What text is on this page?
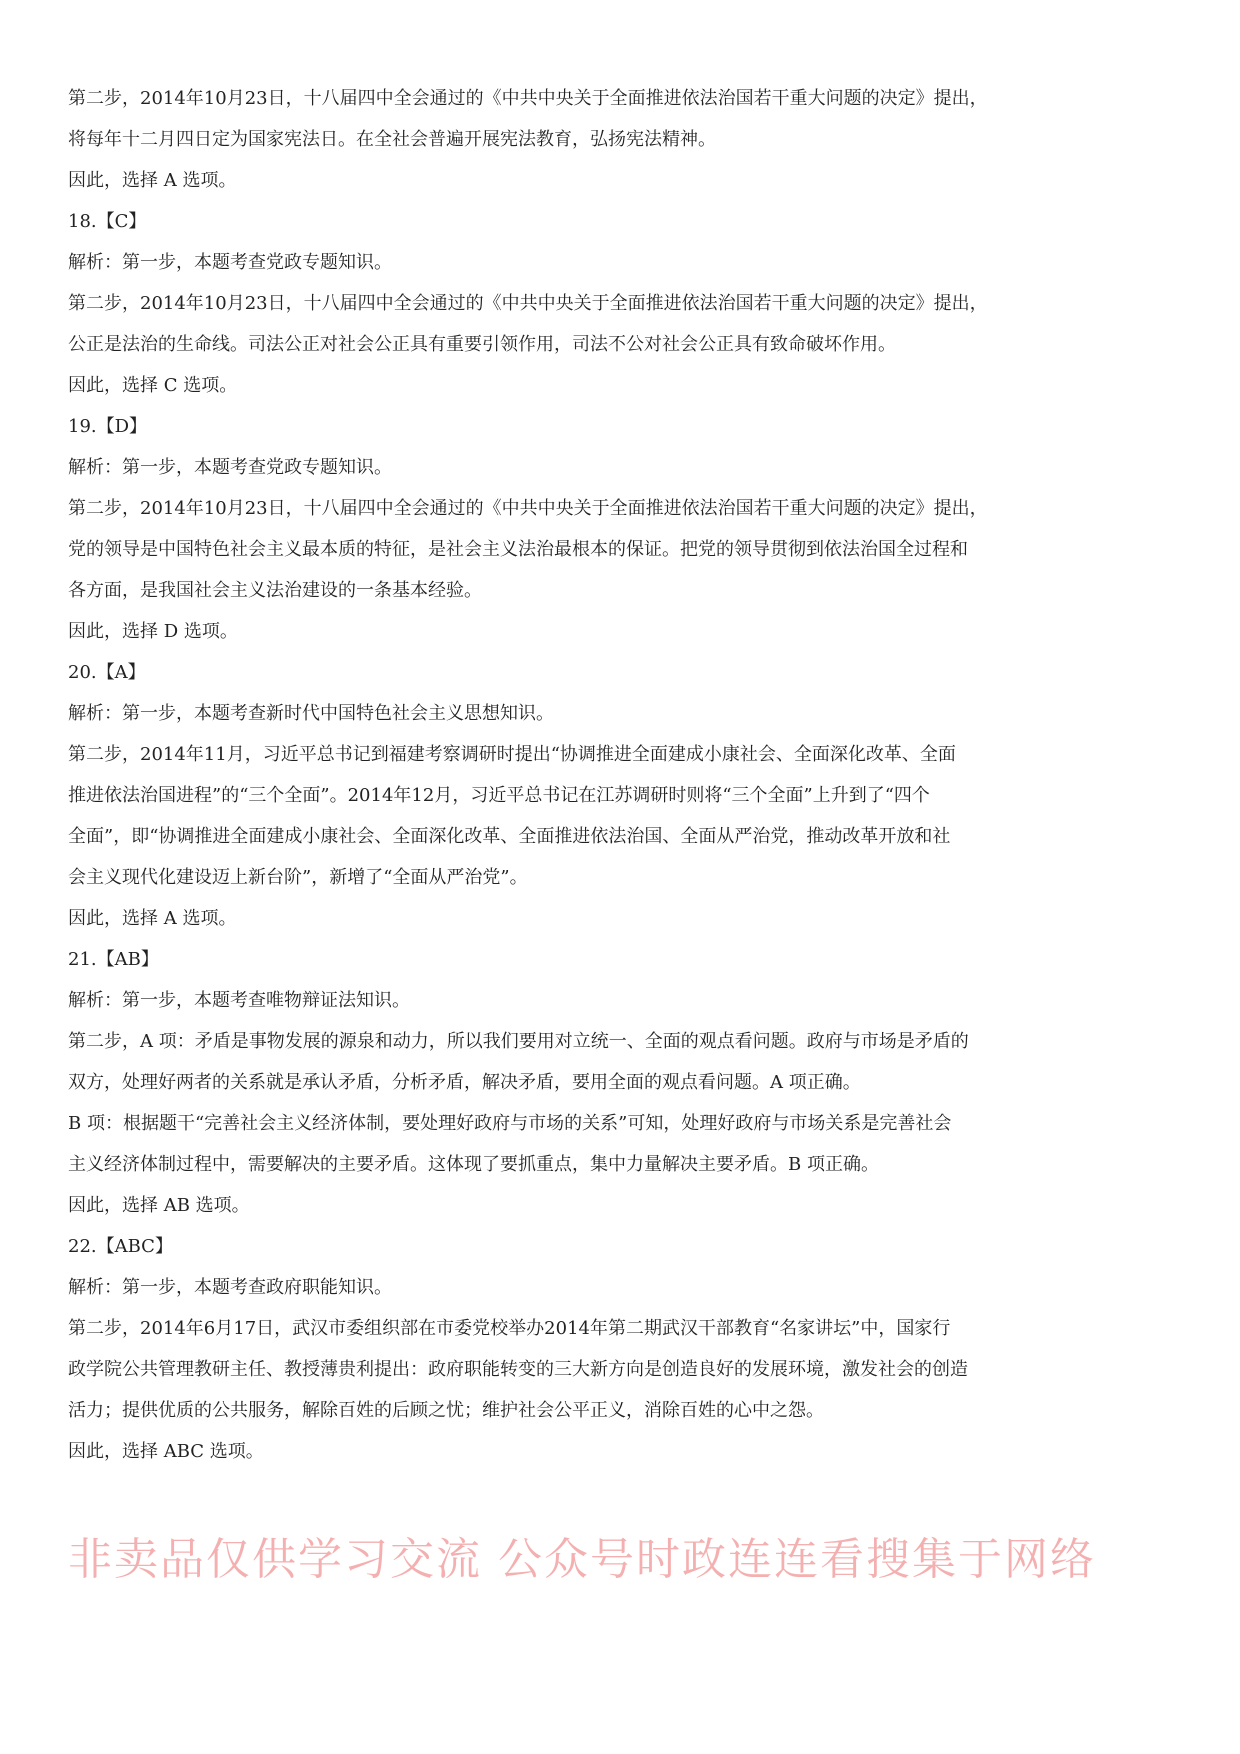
第二步，2014年10月23日，十八届四中全会通过的《中共中央关于全面推进依法治国若干重大问题的决定》提出，
将每年十二月四日定为国家宪法日。在全社会普遍开展宪法教育，弘扬宪法精神。
因此，选择 A 选项。
18.【C】
解析：第一步，本题考查党政专题知识。
第二步，2014年10月23日，十八届四中全会通过的《中共中央关于全面推进依法治国若干重大问题的决定》提出，
公正是法治的生命线。司法公正对社会公正具有重要引领作用，司法不公对社会公正具有致命破坏作用。
因此，选择 C 选项。
19.【D】
解析：第一步，本题考查党政专题知识。
第二步，2014年10月23日，十八届四中全会通过的《中共中央关于全面推进依法治国若干重大问题的决定》提出，
党的领导是中国特色社会主义最本质的特征，是社会主义法治最根本的保证。把党的领导贯彻到依法治国全过程和
各方面，是我国社会主义法治建设的一条基本经验。
因此，选择 D 选项。
20.【A】
解析：第一步，本题考查新时代中国特色社会主义思想知识。
第二步，2014年11月，习近平总书记到福建考察调研时提出“协调推进全面建成小康社会、全面深化改革、全面
推进依法治国进程”的“三个全面”。2014年12月，习近平总书记在江苏调研时则将“三个全面”上升到了“四个
全面”，即“协调推进全面建成小康社会、全面深化改革、全面推进依法治国、全面从严治党，推动改革开放和社
会主义现代化建设迈上新台阶”，新增了“全面从严治党”。
因此，选择 A 选项。
21.【AB】
解析：第一步，本题考查唯物辩证法知识。
第二步，A 项：矛盾是事物发展的源泉和动力，所以我们要用对立统一、全面的观点看问题。政府与市场是矛盾的
双方，处理好两者的关系就是承认矛盾，分析矛盾，解决矛盾，要用全面的观点看问题。A 项正确。
B 项：根据题干“完善社会主义经济体制，要处理好政府与市场的关系”可知，处理好政府与市场关系是完善社会
主义经济体制过程中，需要解决的主要矛盾。这体现了要抓重点，集中力量解决主要矛盾。B 项正确。
因此，选择 AB 选项。
22.【ABC】
解析：第一步，本题考查政府职能知识。
第二步，2014年6月17日，武汉市委组织部在市委党校举办2014年第二期武汉干部教育“名家讲坛”中，国家行
政学院公共管理教研主任、教授薄贵利提出：政府职能转变的三大新方向是创造良好的发展环境，激发社会的创造
活力；提供优质的公共服务，解除百姓的后顾之忧；维护社会公平正义，消除百姓的心中之怨。
因此，选择 ABC 选项。
非卖品仅供学习交流 公众号时政连连看搜集于网络
